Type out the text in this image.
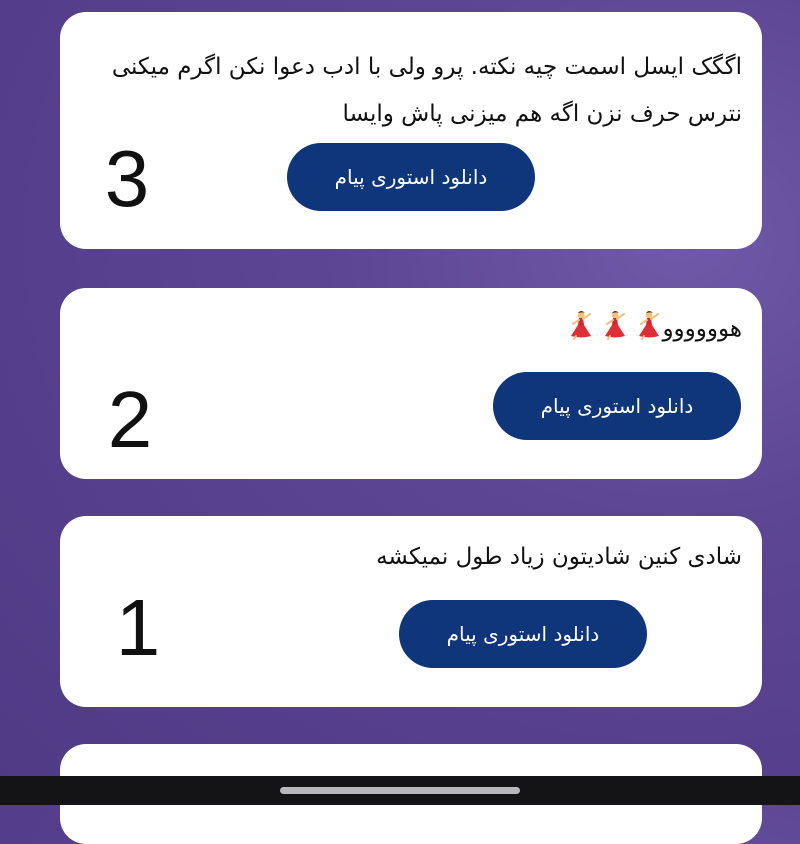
اگگک ایسل اسمت چیه نکته. پرو ولی با ادب دعوا نکن اگرم میکنی نترس حرف نزن اگه هم میزنی پاش وایسا
دانلود استوری پیام
3
هوووووو
دانلود استوری پیام
2
شادی کنین شادیتون زیاد طول نمیکشه
دانلود استوری پیام
1
